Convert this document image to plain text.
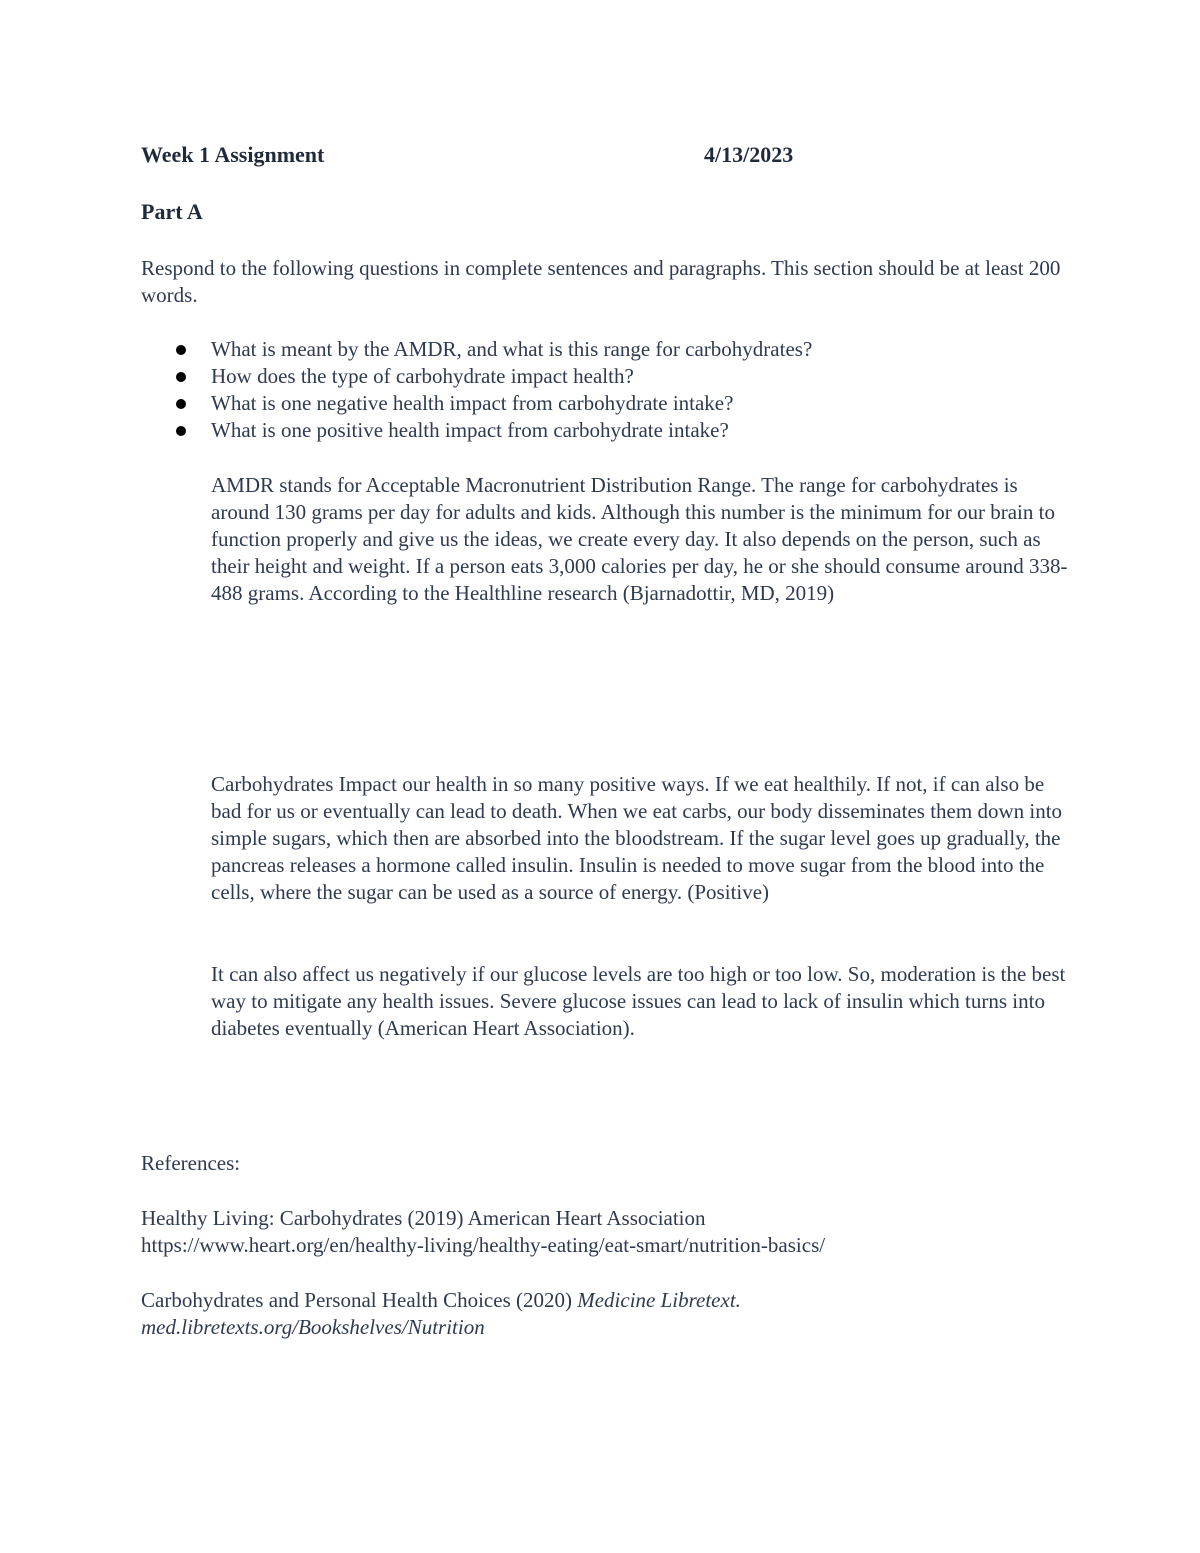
Week 1 Assignment	4/13/2023
Part A

Respond to the following questions in complete sentences and paragraphs. This section should be at least 200 words.

What is meant by the AMDR, and what is this range for carbohydrates?
How does the type of carbohydrate impact health?
What is one negative health impact from carbohydrate intake?
What is one positive health impact from carbohydrate intake?

AMDR stands for Acceptable Macronutrient Distribution Range. The range for carbohydrates is around 130 grams per day for adults and kids. Although this number is the minimum for our brain to function properly and give us the ideas, we create every day. It also depends on the person, such as their height and weight. If a person eats 3,000 calories per day, he or she should consume around 338-488 grams. According to the Healthline research (Bjarnadottir, MD, 2019)

Carbohydrates Impact our health in so many positive ways. If we eat healthily. If not, if can also be bad for us or eventually can lead to death. When we eat carbs, our body disseminates them down into simple sugars, which then are absorbed into the bloodstream. If the sugar level goes up gradually, the pancreas releases a hormone called insulin. Insulin is needed to move sugar from the blood into the cells, where the sugar can be used as a source of energy. (Positive)

It can also affect us negatively if our glucose levels are too high or too low. So, moderation is the best way to mitigate any health issues. Severe glucose issues can lead to lack of insulin which turns into diabetes eventually (American Heart Association).

References:

Healthy Living: Carbohydrates (2019) American Heart Association
https://www.heart.org/en/healthy-living/healthy-eating/eat-smart/nutrition-basics/

Carbohydrates and Personal Health Choices (2020) Medicine Libretext.
med.libretexts.org/Bookshelves/Nutrition
